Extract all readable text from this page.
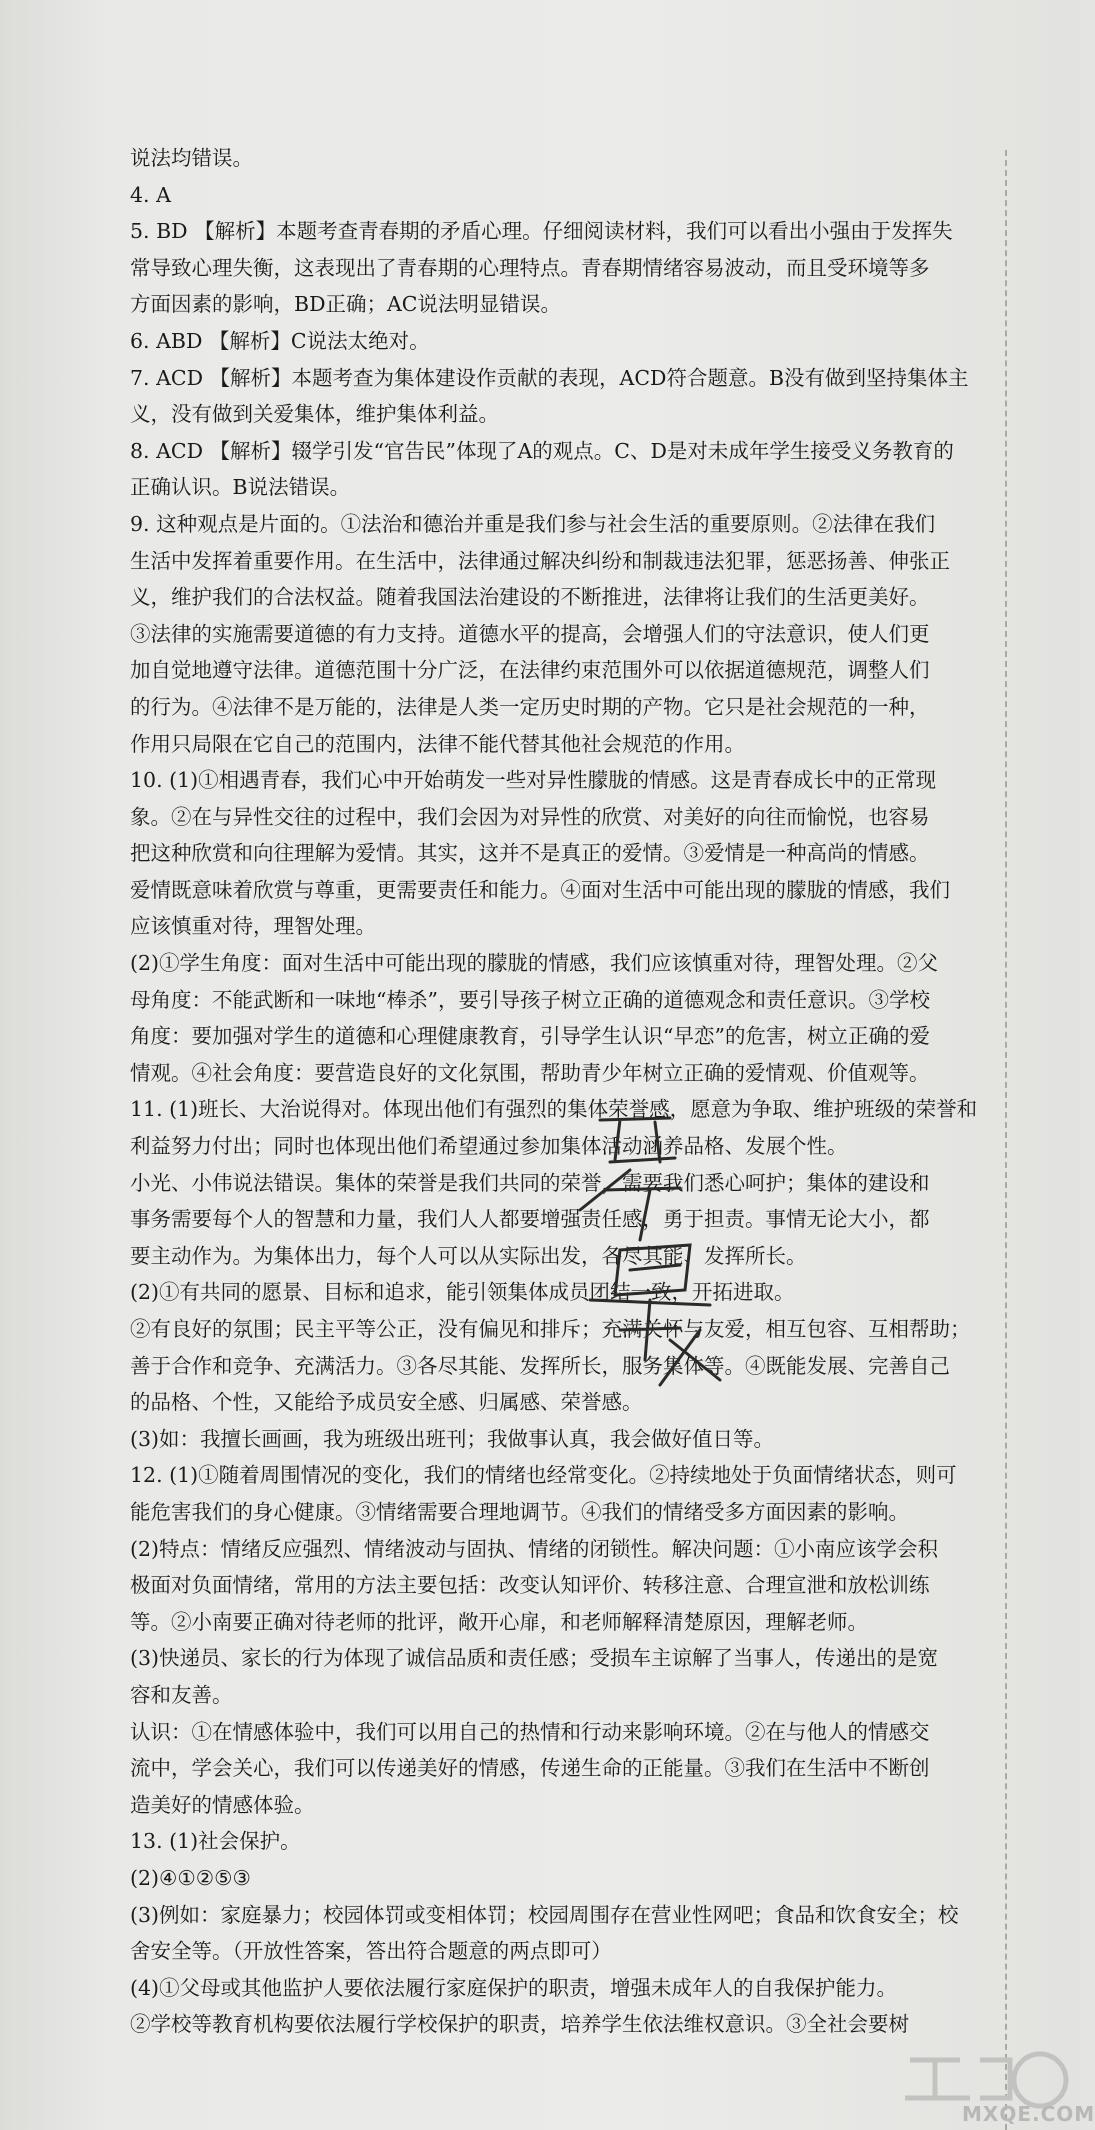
说法均错误。
4. A
5. BD 【解析】本题考查青春期的矛盾心理。仔细阅读材料，我们可以看出小强由于发挥失
常导致心理失衡，这表现出了青春期的心理特点。青春期情绪容易波动，而且受环境等多
方面因素的影响，BD正确；AC说法明显错误。
6. ABD 【解析】C说法太绝对。
7. ACD 【解析】本题考查为集体建设作贡献的表现，ACD符合题意。B没有做到坚持集体主
义，没有做到关爱集体，维护集体利益。
8. ACD 【解析】辍学引发“官告民”体现了A的观点。C、D是对未成年学生接受义务教育的
正确认识。B说法错误。
9. 这种观点是片面的。①法治和德治并重是我们参与社会生活的重要原则。②法律在我们
生活中发挥着重要作用。在生活中，法律通过解决纠纷和制裁违法犯罪，惩恶扬善、伸张正
义，维护我们的合法权益。随着我国法治建设的不断推进，法律将让我们的生活更美好。
③法律的实施需要道德的有力支持。道德水平的提高，会增强人们的守法意识，使人们更
加自觉地遵守法律。道德范围十分广泛，在法律约束范围外可以依据道德规范，调整人们
的行为。④法律不是万能的，法律是人类一定历史时期的产物。它只是社会规范的一种，
作用只局限在它自己的范围内，法律不能代替其他社会规范的作用。
10. (1)①相遇青春，我们心中开始萌发一些对异性朦胧的情感。这是青春成长中的正常现
象。②在与异性交往的过程中，我们会因为对异性的欣赏、对美好的向往而愉悦，也容易
把这种欣赏和向往理解为爱情。其实，这并不是真正的爱情。③爱情是一种高尚的情感。
爱情既意味着欣赏与尊重，更需要责任和能力。④面对生活中可能出现的朦胧的情感，我们
应该慎重对待，理智处理。
(2)①学生角度：面对生活中可能出现的朦胧的情感，我们应该慎重对待，理智处理。②父
母角度：不能武断和一味地“棒杀”，要引导孩子树立正确的道德观念和责任意识。③学校
角度：要加强对学生的道德和心理健康教育，引导学生认识“早恋”的危害，树立正确的爱
情观。④社会角度：要营造良好的文化氛围，帮助青少年树立正确的爱情观、价值观等。
11. (1)班长、大治说得对。体现出他们有强烈的集体荣誉感，愿意为争取、维护班级的荣誉和
利益努力付出；同时也体现出他们希望通过参加集体活动涵养品格、发展个性。
小光、小伟说法错误。集体的荣誉是我们共同的荣誉，需要我们悉心呵护；集体的建设和
事务需要每个人的智慧和力量，我们人人都要增强责任感，勇于担责。事情无论大小，都
要主动作为。为集体出力，每个人可以从实际出发，各尽其能、发挥所长。
(2)①有共同的愿景、目标和追求，能引领集体成员团结一致，开拓进取。
②有良好的氛围；民主平等公正，没有偏见和排斥；充满关怀与友爱，相互包容、互相帮助；
善于合作和竞争、充满活力。③各尽其能、发挥所长，服务集体等。④既能发展、完善自己
的品格、个性，又能给予成员安全感、归属感、荣誉感。
(3)如：我擅长画画，我为班级出班刊；我做事认真，我会做好值日等。
12. (1)①随着周围情况的变化，我们的情绪也经常变化。②持续地处于负面情绪状态，则可
能危害我们的身心健康。③情绪需要合理地调节。④我们的情绪受多方面因素的影响。
(2)特点：情绪反应强烈、情绪波动与固执、情绪的闭锁性。解决问题：①小南应该学会积
极面对负面情绪，常用的方法主要包括：改变认知评价、转移注意、合理宣泄和放松训练
等。②小南要正确对待老师的批评，敞开心扉，和老师解释清楚原因，理解老师。
(3)快递员、家长的行为体现了诚信品质和责任感；受损车主谅解了当事人，传递出的是宽
容和友善。
认识：①在情感体验中，我们可以用自己的热情和行动来影响环境。②在与他人的情感交
流中，学会关心，我们可以传递美好的情感，传递生命的正能量。③我们在生活中不断创
造美好的情感体验。
13. (1)社会保护。
(2)④①②⑤③
(3)例如：家庭暴力；校园体罚或变相体罚；校园周围存在营业性网吧；食品和饮食安全；校
舍安全等。（开放性答案，答出符合题意的两点即可）
(4)①父母或其他监护人要依法履行家庭保护的职责，增强未成年人的自我保护能力。
②学校等教育机构要依法履行学校保护的职责，培养学生依法维权意识。③全社会要树
MXQE.COM
